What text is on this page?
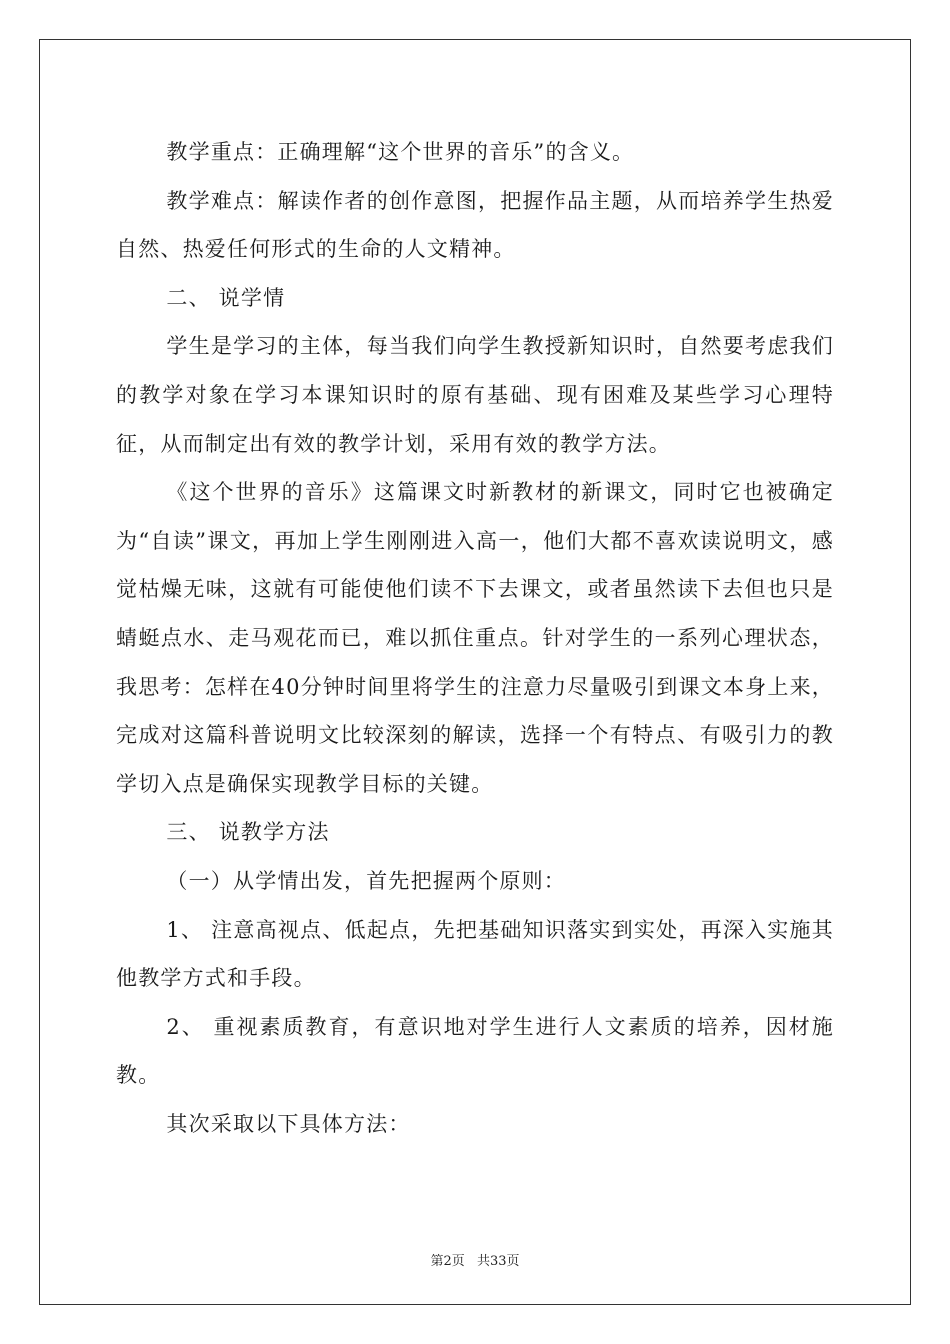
教学重点：正确理解“这个世界的音乐”的含义。

教学难点：解读作者的创作意图，把握作品主题，从而培养学生热爱自然、热爱任何形式的生命的人文精神。

二、 说学情

学生是学习的主体，每当我们向学生教授新知识时，自然要考虑我们的教学对象在学习本课知识时的原有基础、现有困难及某些学习心理特征，从而制定出有效的教学计划，采用有效的教学方法。

《这个世界的音乐》这篇课文时新教材的新课文，同时它也被确定为“自读”课文，再加上学生刚刚进入高一，他们大都不喜欢读说明文，感觉枯燥无味，这就有可能使他们读不下去课文，或者虽然读下去但也只是蜻蜓点水、走马观花而已，难以抓住重点。针对学生的一系列心理状态，我思考：怎样在40分钟时间里将学生的注意力尽量吸引到课文本身上来，完成对这篇科普说明文比较深刻的解读，选择一个有特点、有吸引力的教学切入点是确保实现教学目标的关键。

三、 说教学方法

（一）从学情出发，首先把握两个原则：

1、 注意高视点、低起点，先把基础知识落实到实处，再深入实施其他教学方式和手段。

2、 重视素质教育，有意识地对学生进行人文素质的培养，因材施教。

其次采取以下具体方法：

第2页 共33页
